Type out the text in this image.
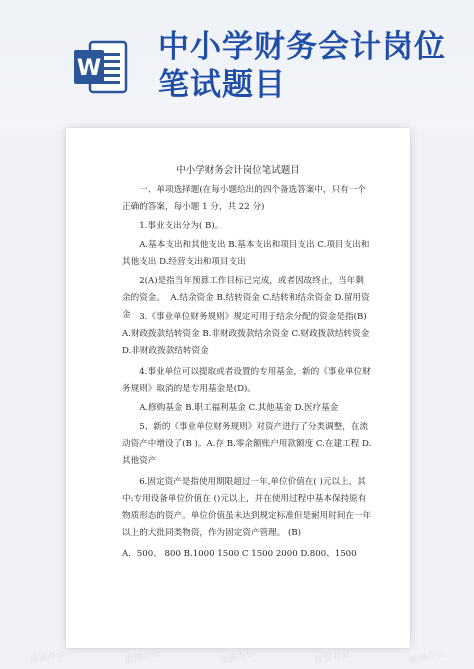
W
中小学财务会计岗位笔试题目
中小学财务会计岗位笔试题目

一、单项选择题(在每小题给出的四个备选答案中，只有一个正确的答案，每小题 1 分，共 22 分)

1.事业支出分为( B)。

A.基本支出和其他支出 B.基本支出和项目支出 C.项目支出和其他支出 D.经营支出和项目支出

2(A)是指当年预算工作目标已完成，或者因故终止，当年剩余的资金。  A.结余资金 B.结转资金 C.结转和结余资金 D.留用资金 3.《事业单位财务规则》规定可用于结余分配的资金是指(B)A.财政拨款结转资金 B.非财政拨款结余资金 C.财政拨款结转资金 D.非财政拨款结转资金

4.事业单位可以提取或者设置的专用基金，新的《事业单位财务规则》取消的是专用基金是(D)。

A.修购基金 B.职工福利基金 C.其他基金 D.医疗基金

5、新的《事业单位财务规则》对资产进行了分类调整，在流动资产中增设了(B )。A.存 B.零余额账户用款额度 C.在建工程 D.其他资产

6.固定资产是指使用期限超过一年,单位价值在( )元以上，其中:专用设备单位价值在 ()元以上，并在使用过程中基本保持原有物质形态的资产。单位价值虽未达到规定标准但是耐用时间在一年以上的大批同类物资，作为固定资产管理。 (B)

A．500、 800 B.1000 1500 C 1500 2000 D.800、1500

熊猫办公	熊猫办公	熊猫办公	熊猫办公	熊猫办公
